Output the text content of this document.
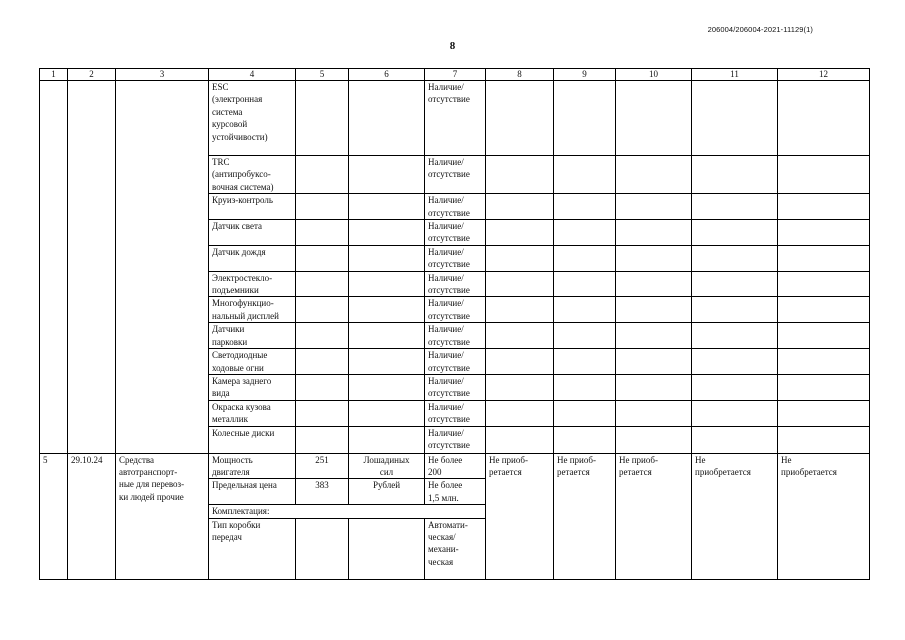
206004/206004-2021-11129(1)
8
1	2	3	4	5	6	7	8	9	10	11	12
			ESC
(электронная
система
курсовой
устойчивости)			Наличие/
отсутствие					
			TRC
(антипробуксо-
вочная система)			Наличие/
отсутствие					
			Круиз-контроль			Наличие/
отсутствие					
			Датчик света			Наличие/
отсутствие					
			Датчик дождя			Наличие/
отсутствие					
			Электростекло-
подъемники			Наличие/
отсутствие					
			Многофункцио-
нальный дисплей			Наличие/
отсутствие					
			Датчики
парковки			Наличие/
отсутствие					
			Светодиодные
ходовые огни			Наличие/
отсутствие					
			Камера заднего
вида			Наличие/
отсутствие					
			Окраска кузова
металлик			Наличие/
отсутствие					
			Колесные диски			Наличие/
отсутствие					
5	29.10.24	Средства
автотранспорт-
ные для перевоз-
ки людей прочие	Мощность
двигателя	251	Лошадиных
сил	Не более
200	Не приоб-
ретается	Не приоб-
ретается	Не приоб-
ретается	Не
приобретается	Не
приобретается
			Предельная цена	383	Рублей	Не более
1,5 млн.					
			Комплектация:								
			Тип коробки
передач			Автомати-
ческая/
механи-
ческая					
